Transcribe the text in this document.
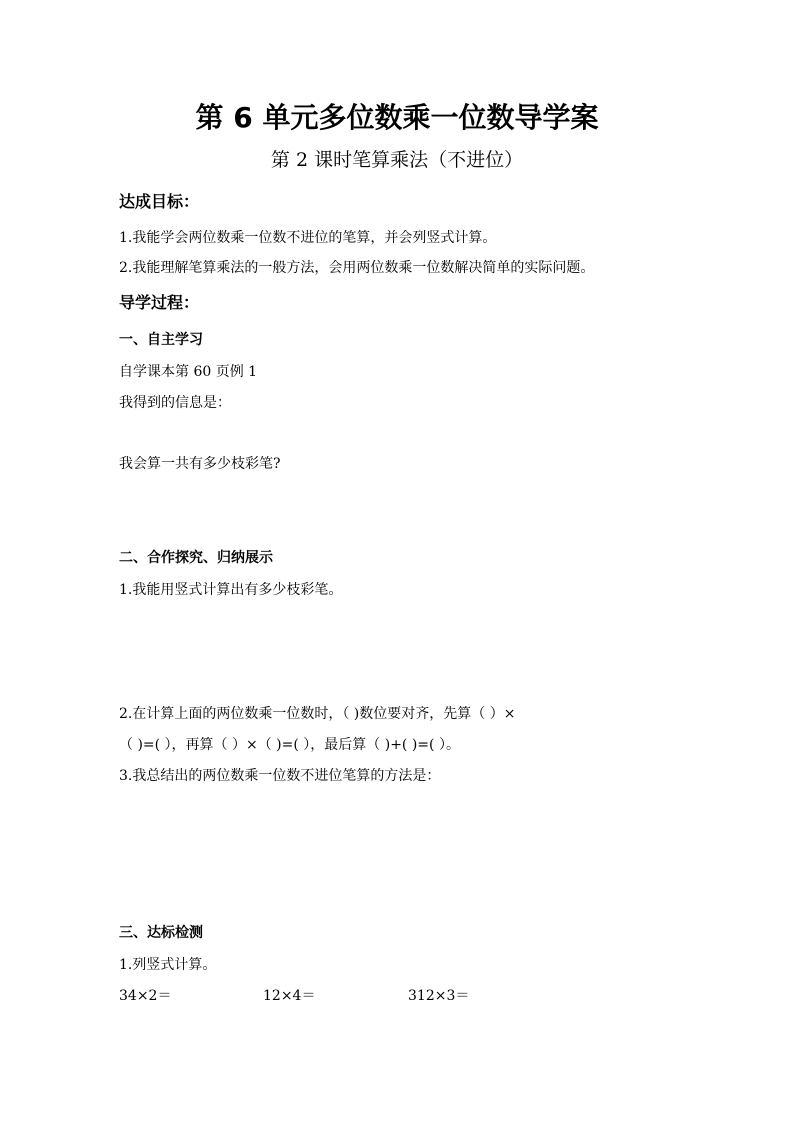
第 6 单元多位数乘一位数导学案
第 2 课时笔算乘法（不进位）
达成目标：
1.我能学会两位数乘一位数不进位的笔算，并会列竖式计算。
2.我能理解笔算乘法的一般方法，会用两位数乘一位数解决简单的实际问题。
导学过程：
一、自主学习
自学课本第 60 页例 1
我得到的信息是：
我会算一共有多少枝彩笔?
二、合作探究、归纳展示
1.我能用竖式计算出有多少枝彩笔。
2.在计算上面的两位数乘一位数时，（ )数位要对齐，先算（ ）×
（ )=( ），再算（ ）×（ )=( ），最后算（ )+( )=( ）。
3.我总结出的两位数乘一位数不进位笔算的方法是：
三、达标检测
1.列竖式计算。
34×2＝	12×4＝	312×3＝
